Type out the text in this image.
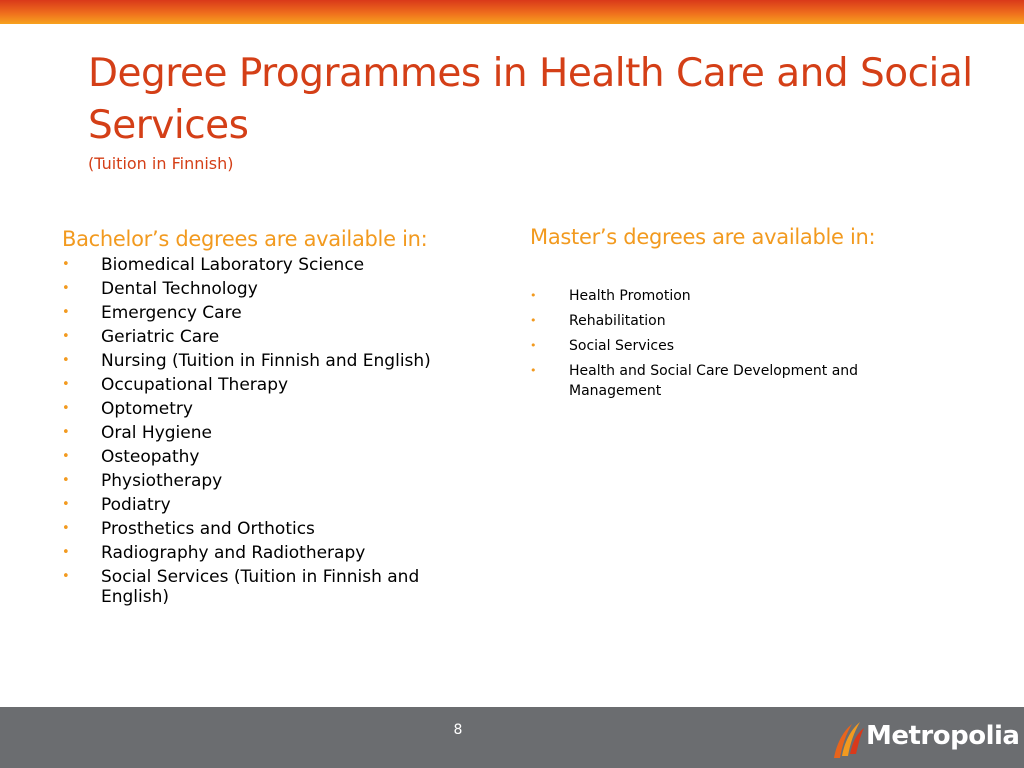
Degree Programmes in Health Care and Social Services
(Tuition in Finnish)
Bachelor’s degrees are available in:
• Biomedical Laboratory Science
• Dental Technology
• Emergency Care
• Geriatric Care
• Nursing (Tuition in Finnish and English)
• Occupational Therapy
• Optometry
• Oral Hygiene
• Osteopathy
• Physiotherapy
• Podiatry
• Prosthetics and Orthotics
• Radiography and Radiotherapy
• Social Services (Tuition in Finnish and English)
Master’s degrees are available in:
• Health Promotion
• Rehabilitation
• Social Services
• Health and Social Care Development and Management
8	Metropolia
